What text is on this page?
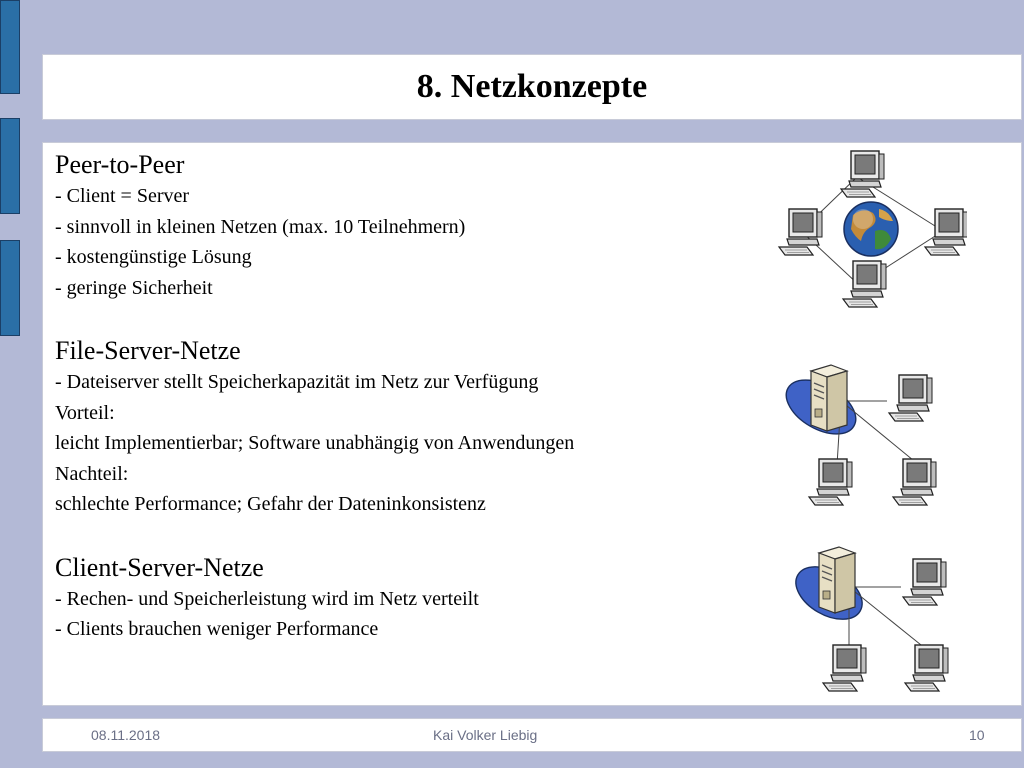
8. Netzkonzepte

Peer-to-Peer

- Client = Server

- sinnvoll in kleinen Netzen (max. 10 Teilnehmern)

- kostengünstige Lösung

- geringe Sicherheit

File-Server-Netze

- Dateiserver stellt Speicherkapazität im Netz zur Verfügung

Vorteil:

leicht Implementierbar; Software unabhängig von Anwendungen

Nachteil:

schlechte Performance; Gefahr der Dateninkonsistenz

Client-Server-Netze

- Rechen- und Speicherleistung wird im Netz verteilt

- Clients brauchen weniger Performance

08.11.2018	Kai Volker Liebig	10
